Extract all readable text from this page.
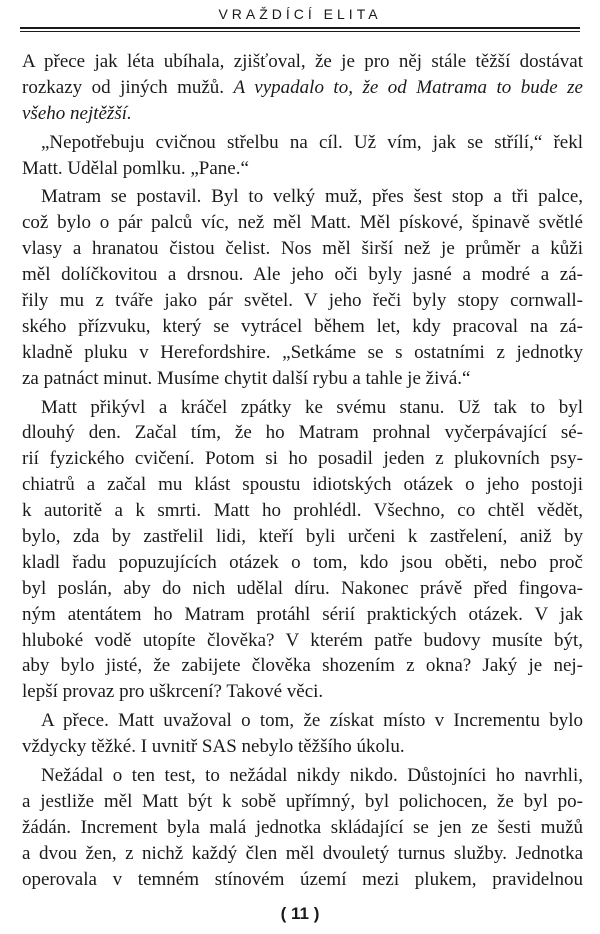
VRAŽDÍCÍ ELITA
A přece jak léta ubíhala, zjišťoval, že je pro něj stále těžší dostávat
rozkazy od jiných mužů. A vypadalo to, že od Matrama to bude ze
všeho nejtěžší.
„Nepotřebuju cvičnou střelbu na cíl. Už vím, jak se střílí,“ řekl
Matt. Udělal pomlku. „Pane.“
Matram se postavil. Byl to velký muž, přes šest stop a tři palce,
což bylo o pár palců víc, než měl Matt. Měl pískové, špinavě světlé
vlasy a hranatou čistou čelist. Nos měl širší než je průměr a kůži
měl dolíčkovitou a drsnou. Ale jeho oči byly jasné a modré a zá-
řily mu z tváře jako pár světel. V jeho řeči byly stopy cornwall-
ského přízvuku, který se vytrácel během let, kdy pracoval na zá-
kladně pluku v Herefordshire. „Setkáme se s ostatními z jednotky
za patnáct minut. Musíme chytit další rybu a tahle je živá.“
Matt přikývl a kráčel zpátky ke svému stanu. Už tak to byl
dlouhý den. Začal tím, že ho Matram prohnal vyčerpávající sé-
rií fyzického cvičení. Potom si ho posadil jeden z plukovních psy-
chiatrů a začal mu klást spoustu idiotských otázek o jeho postoji
k autoritě a k smrti. Matt ho prohlédl. Všechno, co chtěl vědět,
bylo, zda by zastřelil lidi, kteří byli určeni k zastřelení, aniž by
kladl řadu popuzujících otázek o tom, kdo jsou oběti, nebo proč
byl poslán, aby do nich udělal díru. Nakonec právě před fingova-
ným atentátem ho Matram protáhl sérií praktických otázek. V jak
hluboké vodě utopíte člověka? V kterém patře budovy musíte být,
aby bylo jisté, že zabijete člověka shozením z okna? Jaký je nej-
lepší provaz pro uškrcení? Takové věci.
A přece. Matt uvažoval o tom, že získat místo v Incrementu bylo
vždycky těžké. I uvnitř SAS nebylo těžšího úkolu.
Nežádal o ten test, to nežádal nikdy nikdo. Důstojníci ho navrhli,
a jestliže měl Matt být k sobě upřímný, byl polichocen, že byl po-
žádán. Increment byla malá jednotka skládající se jen ze šesti mužů
a dvou žen, z nichž každý člen měl dvouletý turnus služby. Jednotka
operovala v temném stínovém území mezi plukem, pravidelnou
( 11 )
